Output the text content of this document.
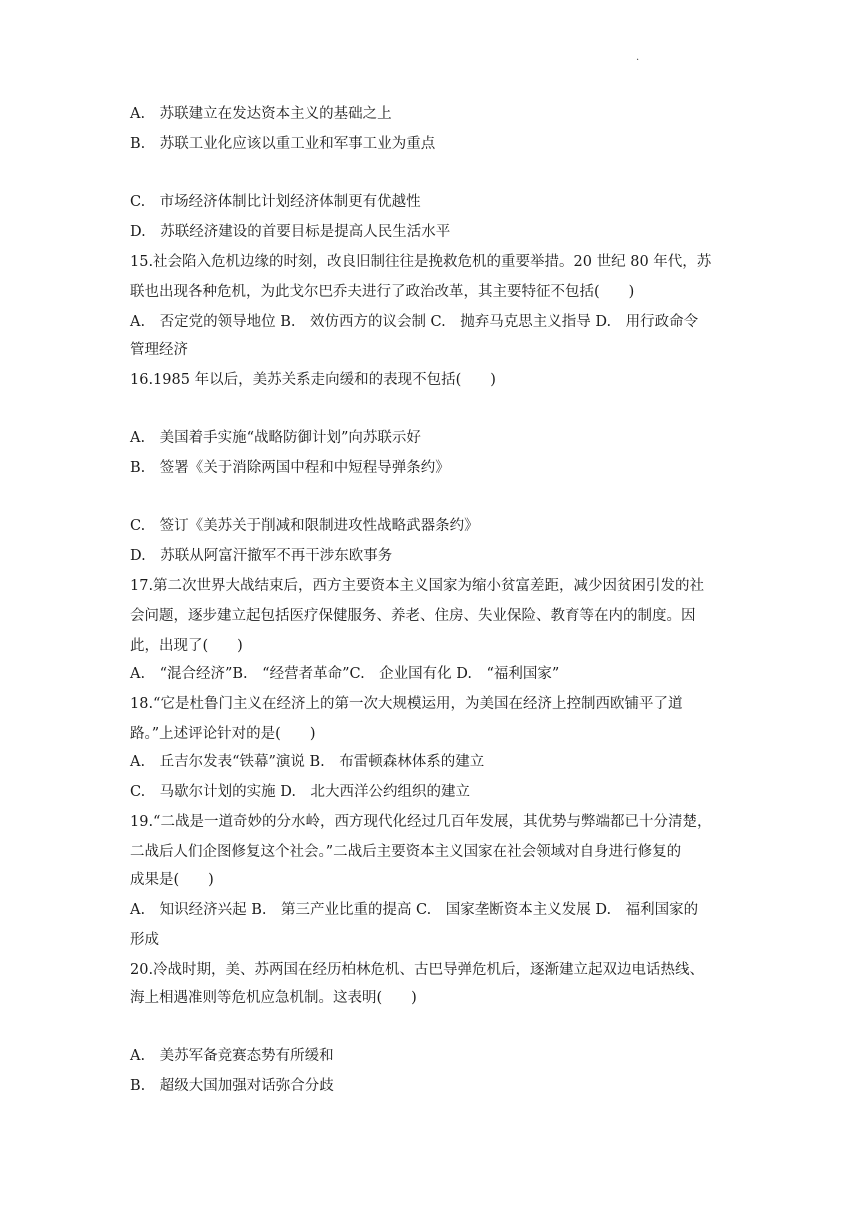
.
A.　苏联建立在发达资本主义的基础之上
B.　苏联工业化应该以重工业和军事工业为重点
C.　市场经济体制比计划经济体制更有优越性
D.　苏联经济建设的首要目标是提高人民生活水平
15.社会陷入危机边缘的时刻，改良旧制往往是挽救危机的重要举措。20 世纪 80 年代，苏
联也出现各种危机，为此戈尔巴乔夫进行了政治改革，其主要特征不包括(　　)
A.　否定党的领导地位 B.　效仿西方的议会制 C.　抛弃马克思主义指导 D.　用行政命令
管理经济
16.1985 年以后，美苏关系走向缓和的表现不包括(　　)
A.　美国着手实施“战略防御计划”向苏联示好
B.　签署《关于消除两国中程和中短程导弹条约》
C.　签订《美苏关于削减和限制进攻性战略武器条约》
D.　苏联从阿富汗撤军不再干涉东欧事务
17.第二次世界大战结束后，西方主要资本主义国家为缩小贫富差距，减少因贫困引发的社
会问题，逐步建立起包括医疗保健服务、养老、住房、失业保险、教育等在内的制度。因
此，出现了(　　)
A.　“混合经济”B.　“经营者革命”C.　企业国有化 D.　“福利国家”
18.“它是杜鲁门主义在经济上的第一次大规模运用，为美国在经济上控制西欧铺平了道
路。”上述评论针对的是(　　)
A.　丘吉尔发表“铁幕”演说 B.　布雷顿森林体系的建立
C.　马歇尔计划的实施 D.　北大西洋公约组织的建立
19.“二战是一道奇妙的分水岭，西方现代化经过几百年发展，其优势与弊端都已十分清楚，
二战后人们企图修复这个社会。”二战后主要资本主义国家在社会领域对自身进行修复的
成果是(　　)
A.　知识经济兴起 B.　第三产业比重的提高 C.　国家垄断资本主义发展 D.　福利国家的
形成
20.冷战时期，美、苏两国在经历柏林危机、古巴导弹危机后，逐渐建立起双边电话热线、
海上相遇准则等危机应急机制。这表明(　　)
A.　美苏军备竞赛态势有所缓和
B.　超级大国加强对话弥合分歧
